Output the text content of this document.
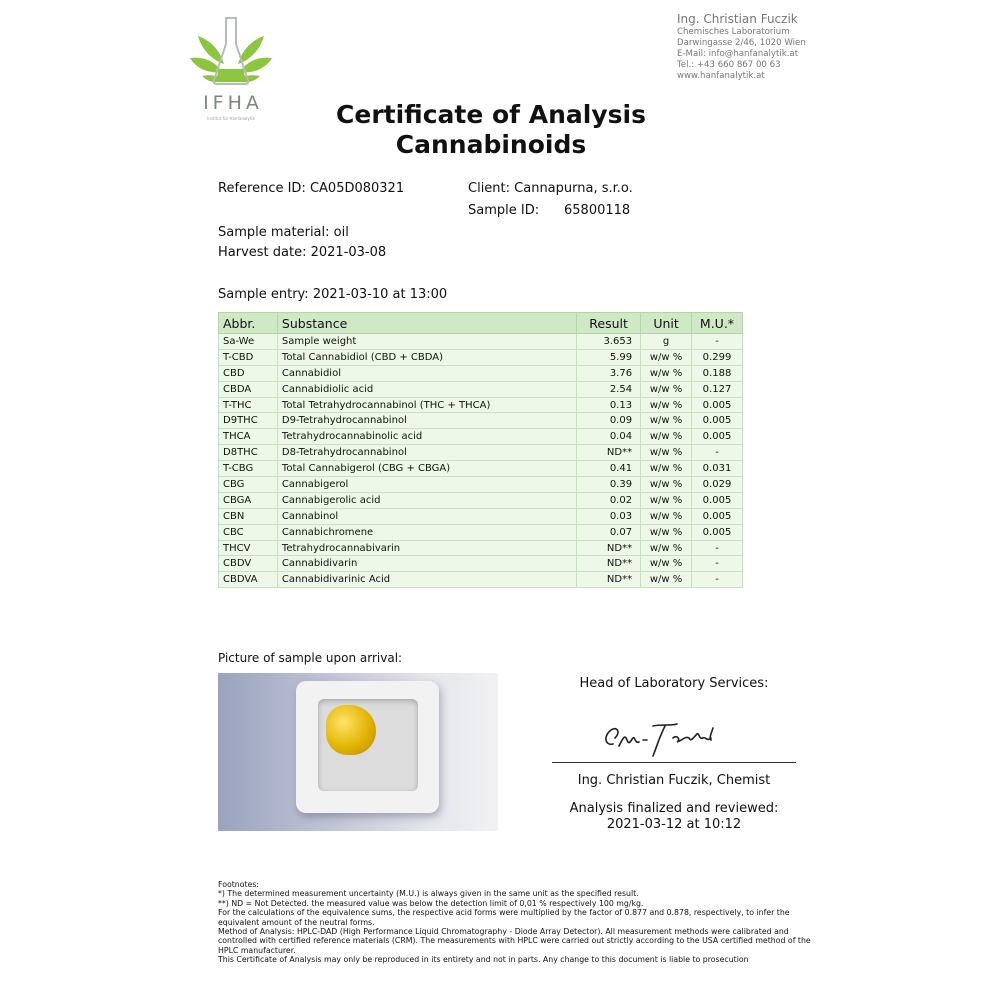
IFHA
Institut für Hanfanalytik
Ing. Christian Fuczik
Chemisches Laboratorium
Darwingasse 2/46, 1020 Wien
E-Mail: info@hanfanalytik.at
Tel.: +43 660 867 00 63
www.hanfanalytik.at
Certificate of Analysis
Cannabinoids
Reference ID: CA05D080321	Client: Cannapurna, s.r.o.
Sample ID: 65800118
Sample material: oil
Harvest date: 2021-03-08
Sample entry: 2021-03-10 at 13:00
Abbr.	Substance	Result	Unit	M.U.*
Sa-We	Sample weight	3.653	g	-
T-CBD	Total Cannabidiol (CBD + CBDA)	5.99	w/w %	0.299
CBD	Cannabidiol	3.76	w/w %	0.188
CBDA	Cannabidiolic acid	2.54	w/w %	0.127
T-THC	Total Tetrahydrocannabinol (THC + THCA)	0.13	w/w %	0.005
D9THC	D9-Tetrahydrocannabinol	0.09	w/w %	0.005
THCA	Tetrahydrocannabinolic acid	0.04	w/w %	0.005
D8THC	D8-Tetrahydrocannabinol	ND**	w/w %	-
T-CBG	Total Cannabigerol (CBG + CBGA)	0.41	w/w %	0.031
CBG	Cannabigerol	0.39	w/w %	0.029
CBGA	Cannabigerolic acid	0.02	w/w %	0.005
CBN	Cannabinol	0.03	w/w %	0.005
CBC	Cannabichromene	0.07	w/w %	0.005
THCV	Tetrahydrocannabivarin	ND**	w/w %	-
CBDV	Cannabidivarin	ND**	w/w %	-
CBDVA	Cannabidivarinic Acid	ND**	w/w %	-
Picture of sample upon arrival:
Head of Laboratory Services:
Ing. Christian Fuczik, Chemist
Analysis finalized and reviewed:
2021-03-12 at 10:12

Footnotes:

*) The determined measurement uncertainty (M.U.) is always given in the same unit as the specified result.

**) ND = Not Detected. the measured value was below the detection limit of 0,01 % respectively 100 mg/kg.

For the calculations of the equivalence sums, the respective acid forms were multiplied by the factor of 0.877 and 0.878, respectively, to infer the equivalent amount of the neutral forms.

Method of Analysis: HPLC-DAD (High Performance Liquid Chromatography - Diode Array Detector). All measurement methods were calibrated and controlled with certified reference materials (CRM). The measurements with HPLC were carried out strictly according to the USA certified method of the HPLC manufacturer.

This Certificate of Analysis may only be reproduced in its entirety and not in parts. Any change to this document is liable to prosecution
